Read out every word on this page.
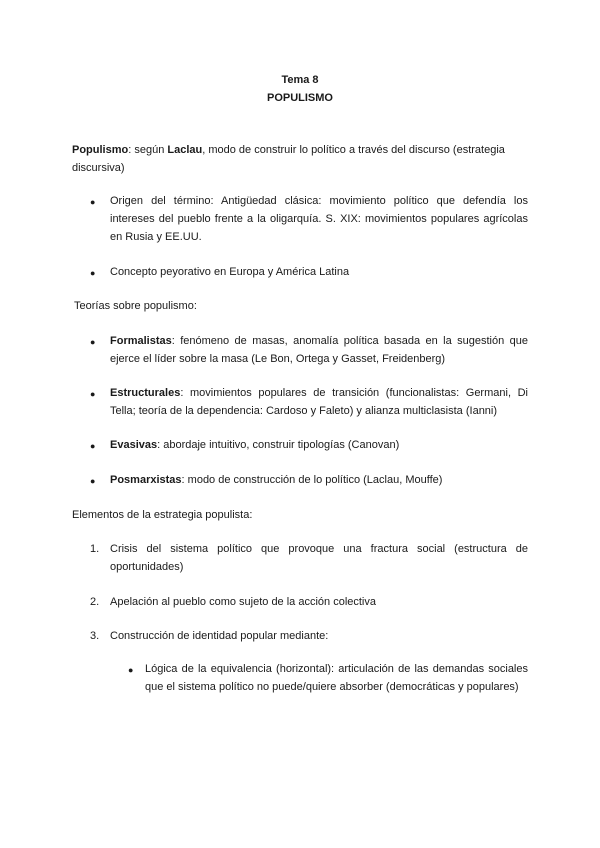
Tema 8
POPULISMO
Populismo: según Laclau, modo de construir lo político a través del discurso (estrategia discursiva)
● Origen del término: Antigüedad clásica: movimiento político que defendía los intereses del pueblo frente a la oligarquía. S. XIX: movimientos populares agrícolas en Rusia y EE.UU.
● Concepto peyorativo en Europa y América Latina
Teorías sobre populismo:
● Formalistas: fenómeno de masas, anomalía política basada en la sugestión que ejerce el líder sobre la masa (Le Bon, Ortega y Gasset, Freidenberg)
● Estructurales: movimientos populares de transición (funcionalistas: Germani, Di Tella; teoría de la dependencia: Cardoso y Faleto) y alianza multiclasista (Ianni)
● Evasivas: abordaje intuitivo, construir tipologías (Canovan)
● Posmarxistas: modo de construcción de lo político (Laclau, Mouffe)
Elementos de la estrategia populista:
1. Crisis del sistema político que provoque una fractura social (estructura de oportunidades)
2. Apelación al pueblo como sujeto de la acción colectiva
3. Construcción de identidad popular mediante:
● Lógica de la equivalencia (horizontal): articulación de las demandas sociales que el sistema político no puede/quiere absorber (democráticas y populares)
